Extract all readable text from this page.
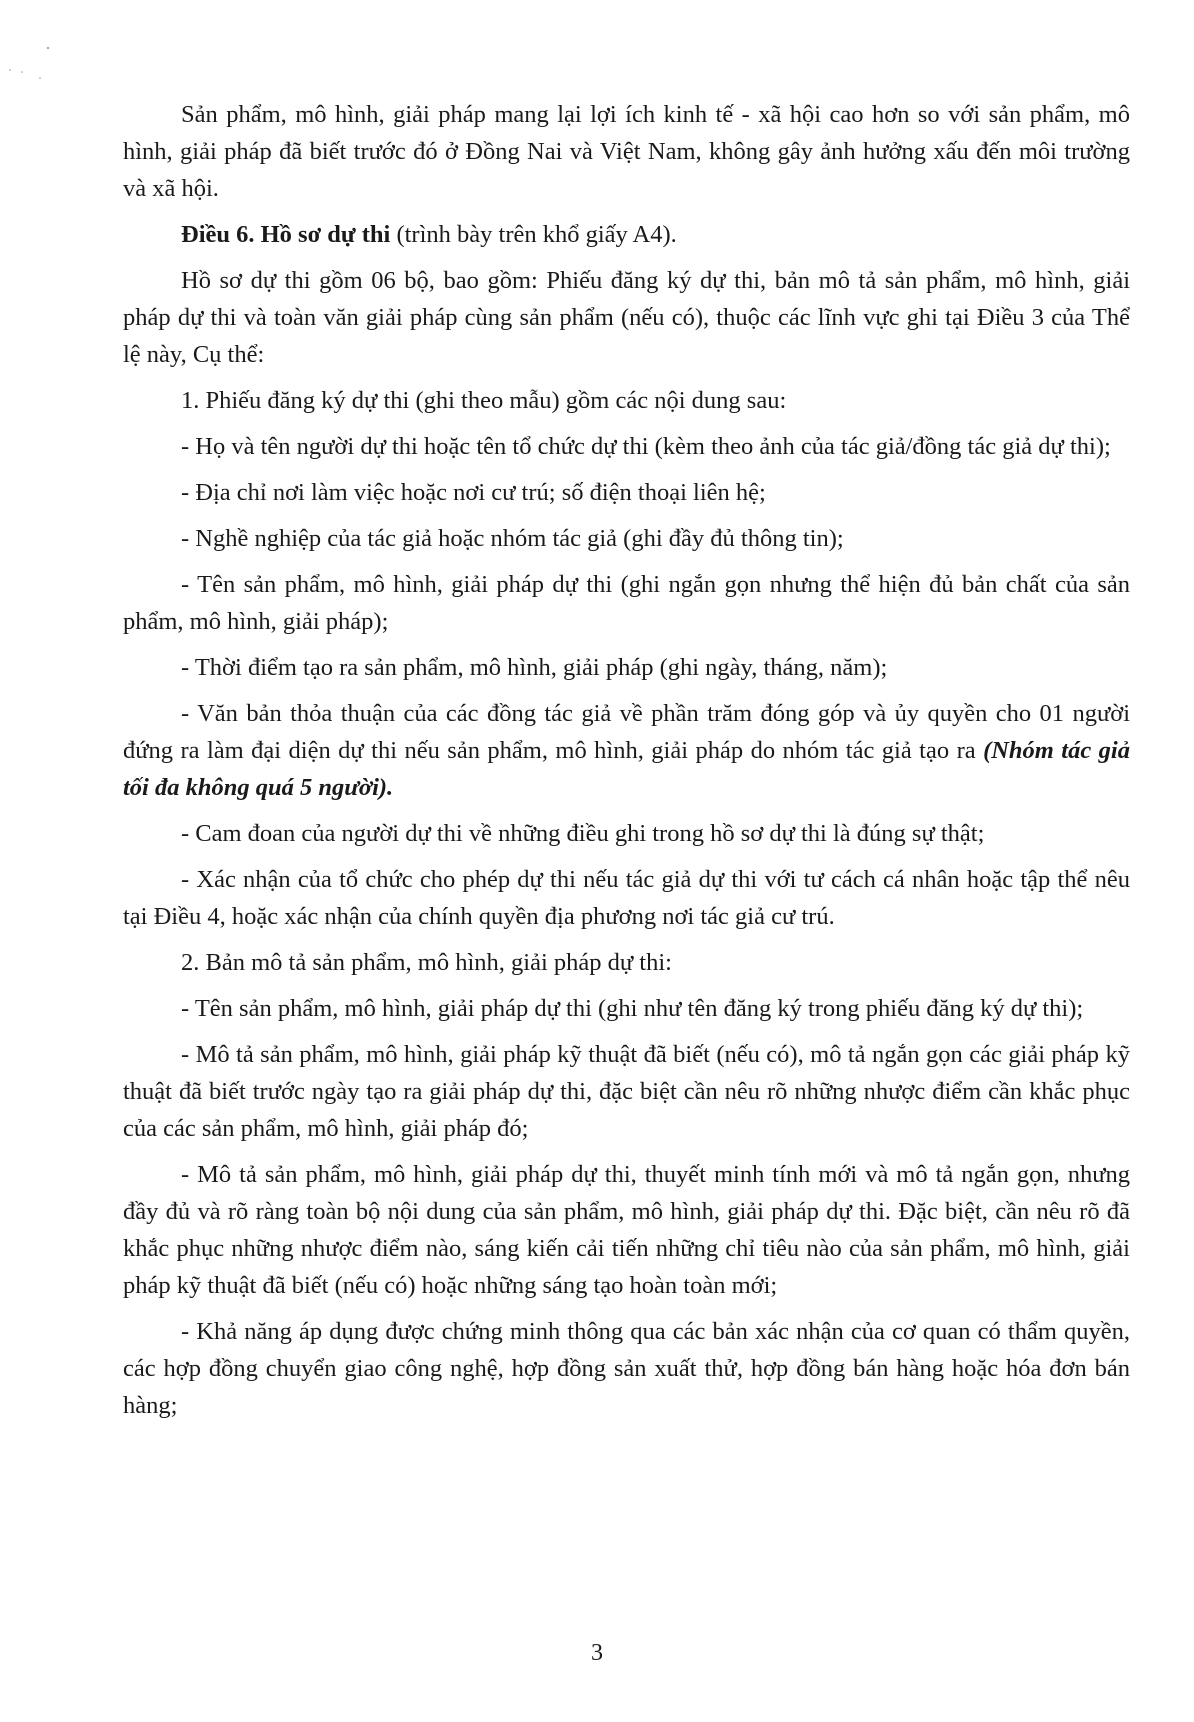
Sản phẩm, mô hình, giải pháp mang lại lợi ích kinh tế - xã hội cao hơn so với sản phẩm, mô hình, giải pháp đã biết trước đó ở Đồng Nai và Việt Nam, không gây ảnh hưởng xấu đến môi trường và xã hội.

Điều 6. Hồ sơ dự thi (trình bày trên khổ giấy A4).

Hồ sơ dự thi gồm 06 bộ, bao gồm: Phiếu đăng ký dự thi, bản mô tả sản phẩm, mô hình, giải pháp dự thi và toàn văn giải pháp cùng sản phẩm (nếu có), thuộc các lĩnh vực ghi tại Điều 3 của Thể lệ này, Cụ thể:

1. Phiếu đăng ký dự thi (ghi theo mẫu) gồm các nội dung sau:

- Họ và tên người dự thi hoặc tên tổ chức dự thi (kèm theo ảnh của tác giả/đồng tác giả dự thi);

- Địa chỉ nơi làm việc hoặc nơi cư trú; số điện thoại liên hệ;

- Nghề nghiệp của tác giả hoặc nhóm tác giả (ghi đầy đủ thông tin);

- Tên sản phẩm, mô hình, giải pháp dự thi (ghi ngắn gọn nhưng thể hiện đủ bản chất của sản phẩm, mô hình, giải pháp);

- Thời điểm tạo ra sản phẩm, mô hình, giải pháp (ghi ngày, tháng, năm);

- Văn bản thỏa thuận của các đồng tác giả về phần trăm đóng góp và ủy quyền cho 01 người đứng ra làm đại diện dự thi nếu sản phẩm, mô hình, giải pháp do nhóm tác giả tạo ra (Nhóm tác giả tối đa không quá 5 người).

- Cam đoan của người dự thi về những điều ghi trong hồ sơ dự thi là đúng sự thật;

- Xác nhận của tổ chức cho phép dự thi nếu tác giả dự thi với tư cách cá nhân hoặc tập thể nêu tại Điều 4, hoặc xác nhận của chính quyền địa phương nơi tác giả cư trú.

2. Bản mô tả sản phẩm, mô hình, giải pháp dự thi:

- Tên sản phẩm, mô hình, giải pháp dự thi (ghi như tên đăng ký trong phiếu đăng ký dự thi);

- Mô tả sản phẩm, mô hình, giải pháp kỹ thuật đã biết (nếu có), mô tả ngắn gọn các giải pháp kỹ thuật đã biết trước ngày tạo ra giải pháp dự thi, đặc biệt cần nêu rõ những nhược điểm cần khắc phục của các sản phẩm, mô hình, giải pháp đó;

- Mô tả sản phẩm, mô hình, giải pháp dự thi, thuyết minh tính mới và mô tả ngắn gọn, nhưng đầy đủ và rõ ràng toàn bộ nội dung của sản phẩm, mô hình, giải pháp dự thi. Đặc biệt, cần nêu rõ đã khắc phục những nhược điểm nào, sáng kiến cải tiến những chỉ tiêu nào của sản phẩm, mô hình, giải pháp kỹ thuật đã biết (nếu có) hoặc những sáng tạo hoàn toàn mới;

- Khả năng áp dụng được chứng minh thông qua các bản xác nhận của cơ quan có thẩm quyền, các hợp đồng chuyển giao công nghệ, hợp đồng sản xuất thử, hợp đồng bán hàng hoặc hóa đơn bán hàng;

3
